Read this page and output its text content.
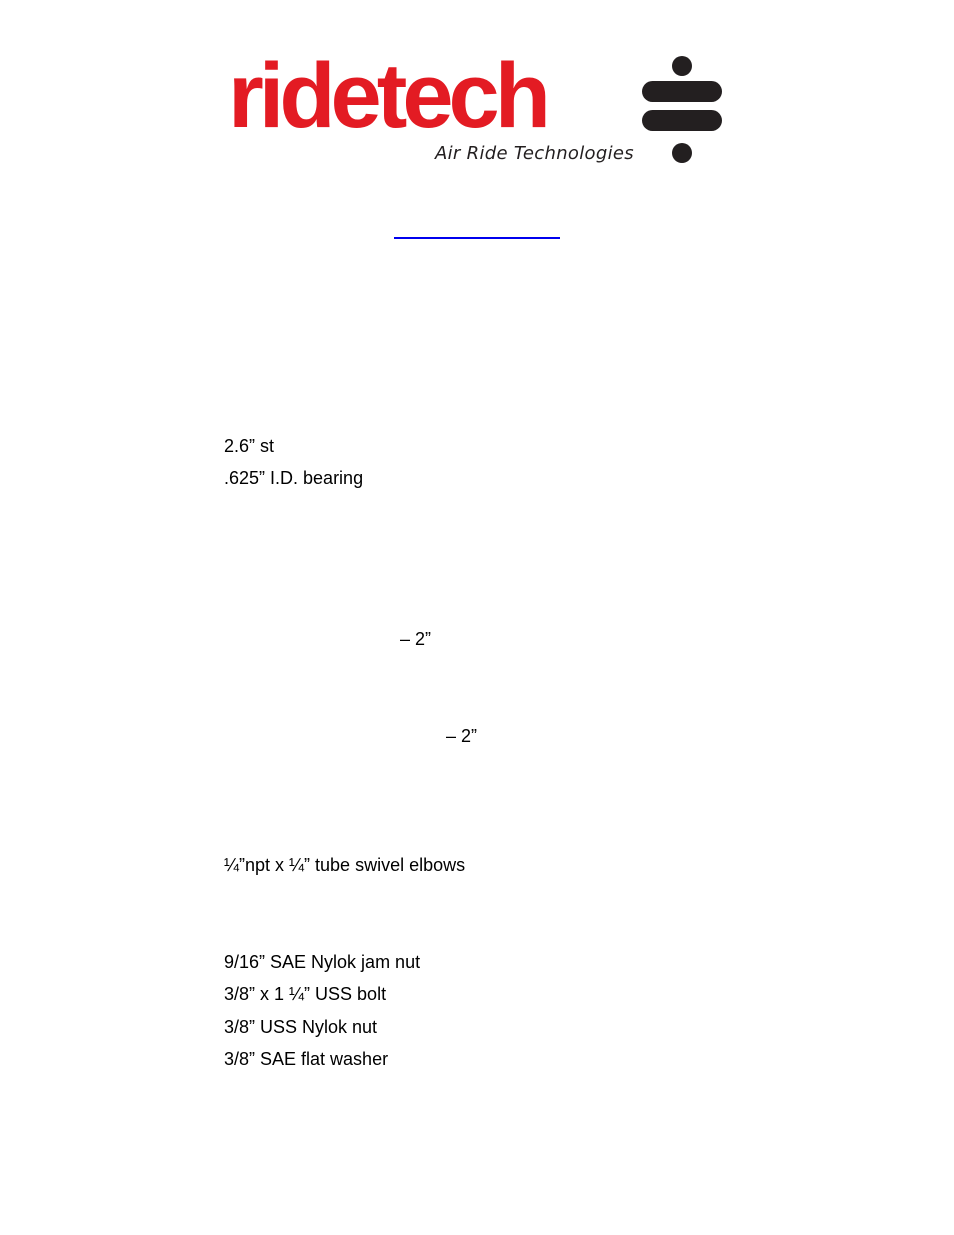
ridetech
Air Ride Technologies
2.6” st
.625” I.D. bearing
– 2”
– 2”
¼”npt x ¼” tube swivel elbows
9/16” SAE Nylok jam nut
3/8” x 1 ¼” USS bolt
3/8” USS Nylok nut
3/8” SAE flat washer
